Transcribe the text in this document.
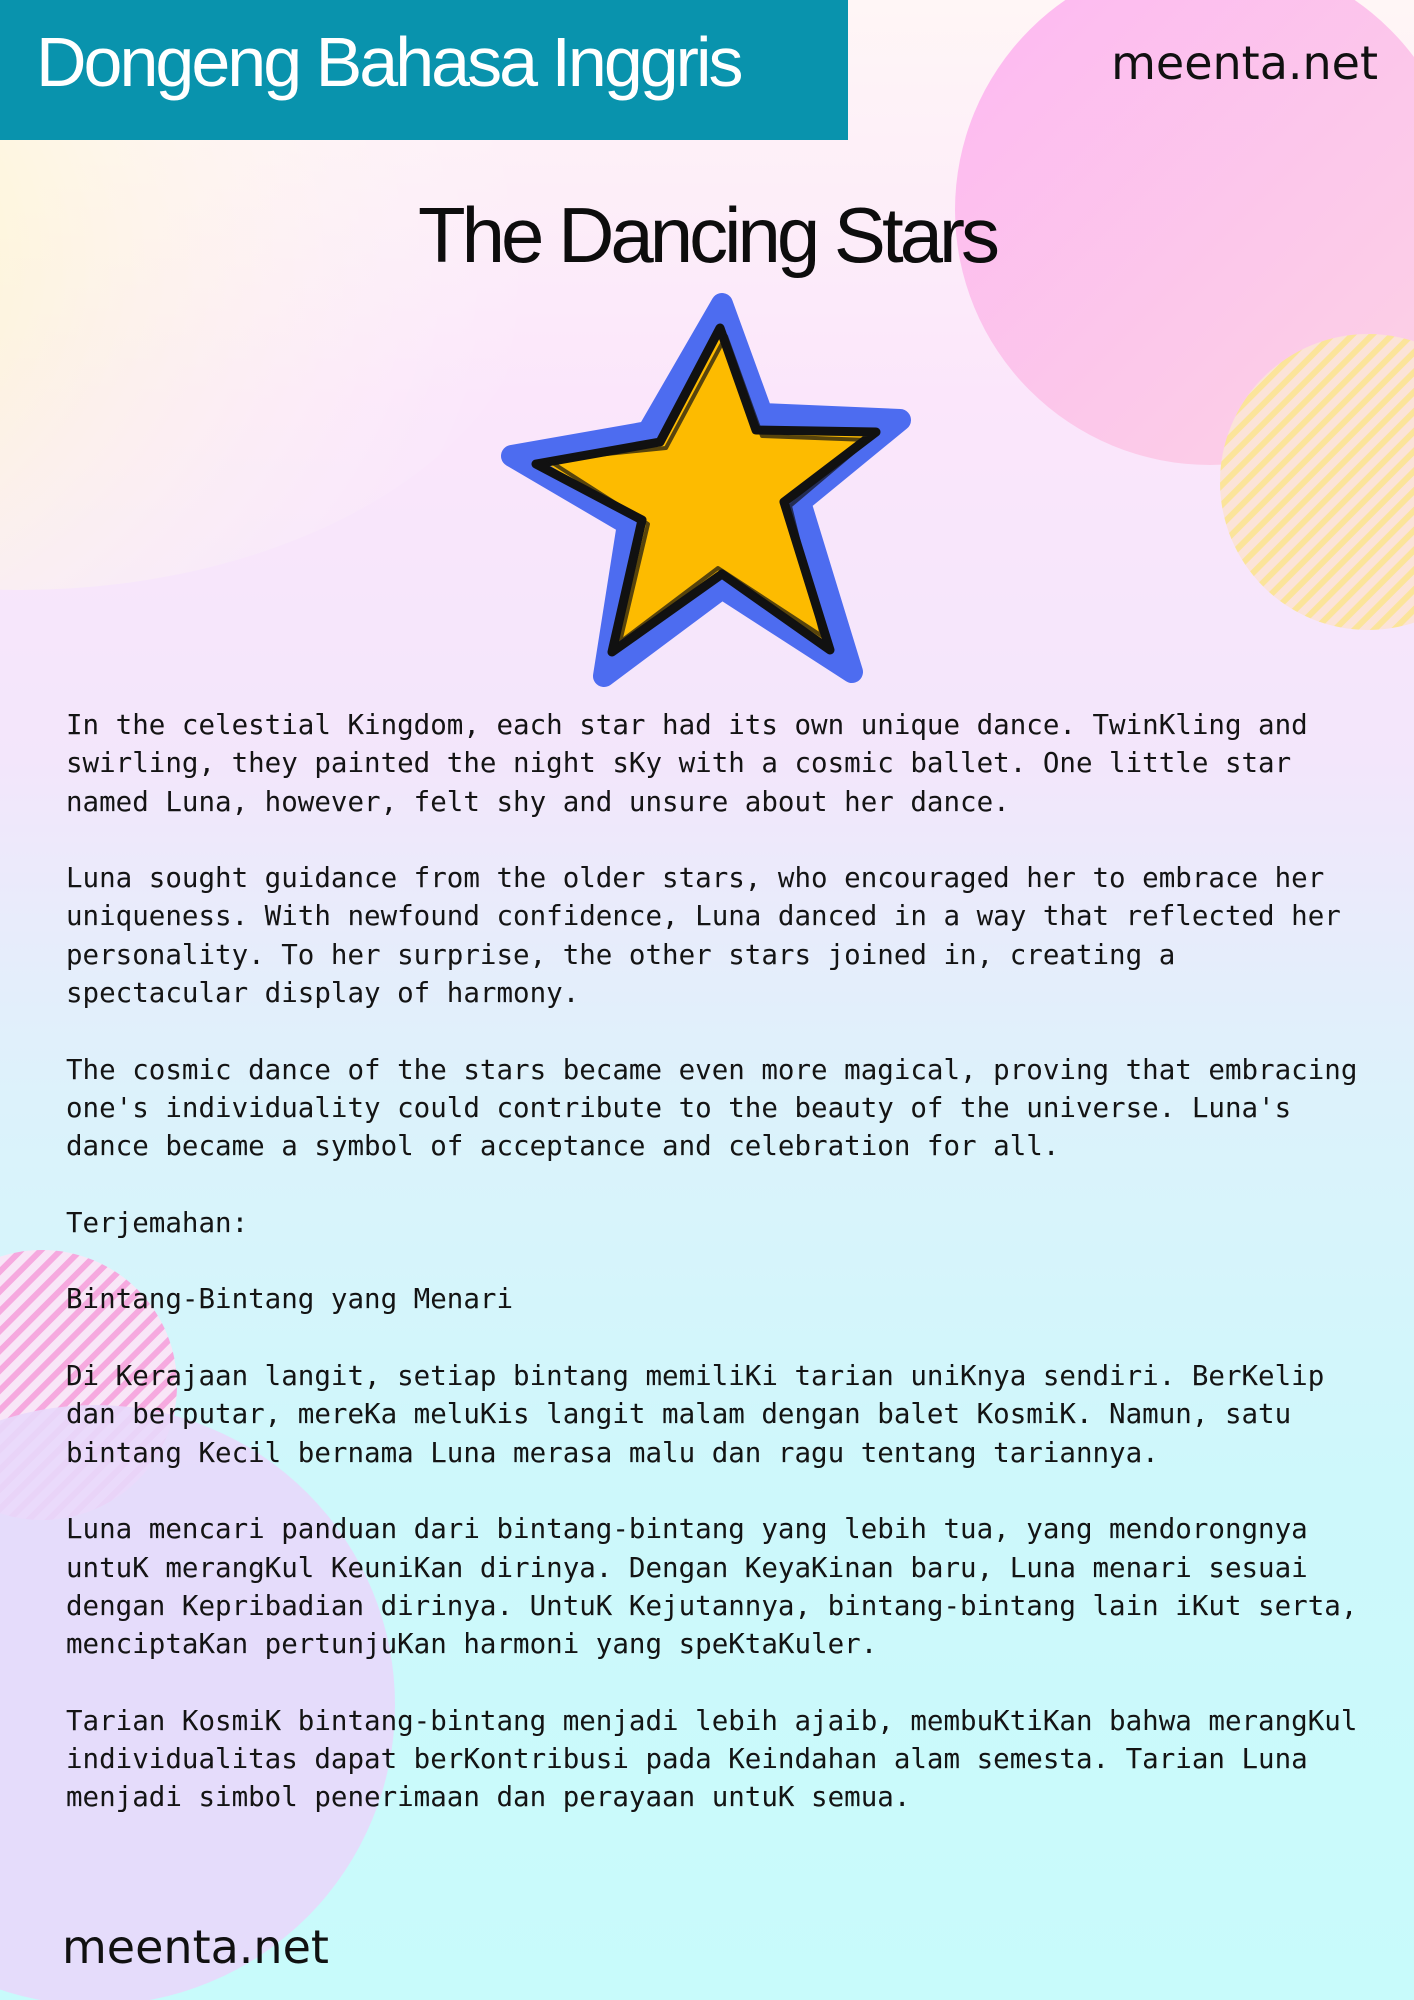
Dongeng Bahasa Inggris	meenta.net
The Dancing Stars

In the celestial Kingdom, each star had its own unique dance. TwinKling and swirling, they painted the night sKy with a cosmic ballet. One little star named Luna, however, felt shy and unsure about her dance.

Luna sought guidance from the older stars, who encouraged her to embrace her uniqueness. With newfound confidence, Luna danced in a way that reflected her personality. To her surprise, the other stars joined in, creating a spectacular display of harmony.

The cosmic dance of the stars became even more magical, proving that embracing one's individuality could contribute to the beauty of the universe. Luna's dance became a symbol of acceptance and celebration for all.

Terjemahan:

Bintang-Bintang yang Menari

Di Kerajaan langit, setiap bintang memiliKi tarian uniKnya sendiri. BerKelip dan berputar, mereKa meluKis langit malam dengan balet KosmiK. Namun, satu bintang Kecil bernama Luna merasa malu dan ragu tentang tariannya.

Luna mencari panduan dari bintang-bintang yang lebih tua, yang mendorongnya untuK merangKul KeuniKan dirinya. Dengan KeyaKinan baru, Luna menari sesuai dengan Kepribadian dirinya. UntuK Kejutannya, bintang-bintang lain iKut serta, menciptaKan pertunjuKan harmoni yang speKtaKuler.

Tarian KosmiK bintang-bintang menjadi lebih ajaib, membuKtiKan bahwa merangKul individualitas dapat berKontribusi pada Keindahan alam semesta. Tarian Luna menjadi simbol penerimaan dan perayaan untuK semua.

meenta.net
